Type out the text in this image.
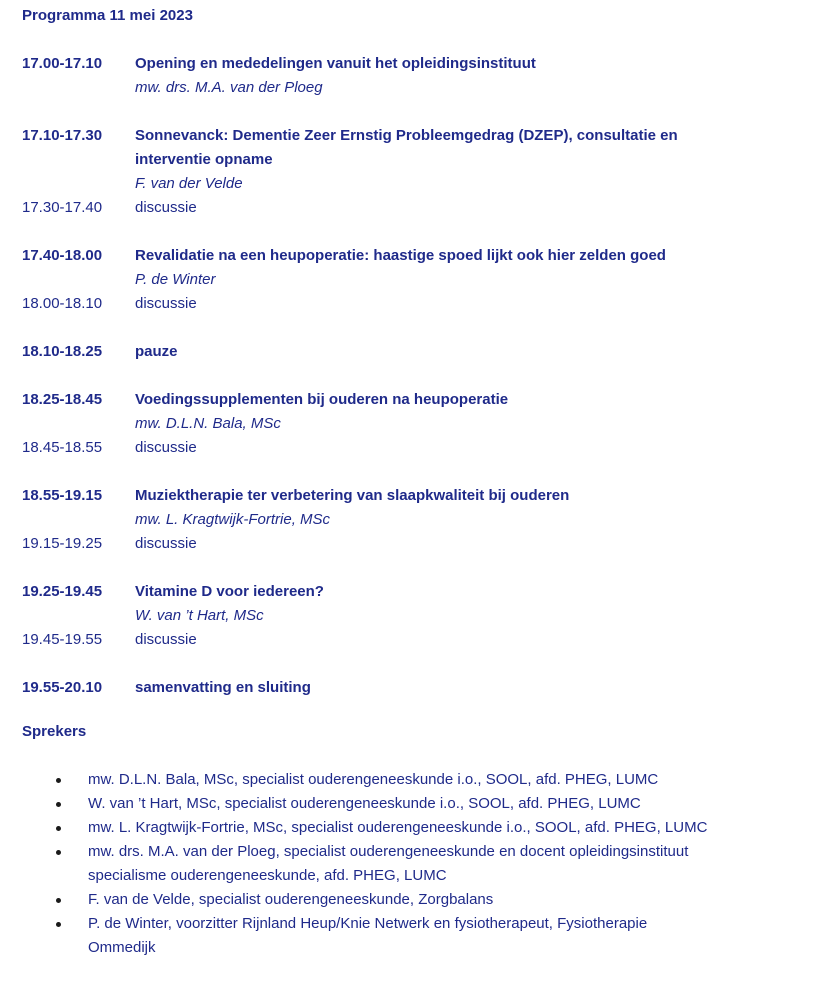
Programma 11 mei 2023
17.00-17.10	Opening en mededelingen vanuit het opleidingsinstituut
mw. drs. M.A. van der Ploeg
17.10-17.30	Sonnevanck: Dementie Zeer Ernstig Probleemgedrag (DZEP), consultatie en
interventie opname
F. van der Velde
17.30-17.40	discussie
17.40-18.00	Revalidatie na een heupoperatie: haastige spoed lijkt ook hier zelden goed
P. de Winter
18.00-18.10	discussie
18.10-18.25	pauze
18.25-18.45	Voedingssupplementen bij ouderen na heupoperatie
mw. D.L.N. Bala, MSc
18.45-18.55	discussie
18.55-19.15	Muziektherapie ter verbetering van slaapkwaliteit bij ouderen
mw. L. Kragtwijk-Fortrie, MSc
19.15-19.25	discussie
19.25-19.45	Vitamine D voor iedereen?
W. van ’t Hart, MSc
19.45-19.55	discussie
19.55-20.10	samenvatting en sluiting
Sprekers
mw. D.L.N. Bala, MSc, specialist ouderengeneeskunde i.o., SOOL, afd. PHEG, LUMC
W. van ’t Hart, MSc, specialist ouderengeneeskunde i.o., SOOL, afd. PHEG, LUMC
mw. L. Kragtwijk-Fortrie, MSc, specialist ouderengeneeskunde i.o., SOOL, afd. PHEG, LUMC
mw. drs. M.A. van der Ploeg, specialist ouderengeneeskunde en docent opleidingsinstituut
specialisme ouderengeneeskunde, afd. PHEG, LUMC
F. van de Velde, specialist ouderengeneeskunde, Zorgbalans
P. de Winter, voorzitter Rijnland Heup/Knie Netwerk en fysiotherapeut, Fysiotherapie
Ommedijk
